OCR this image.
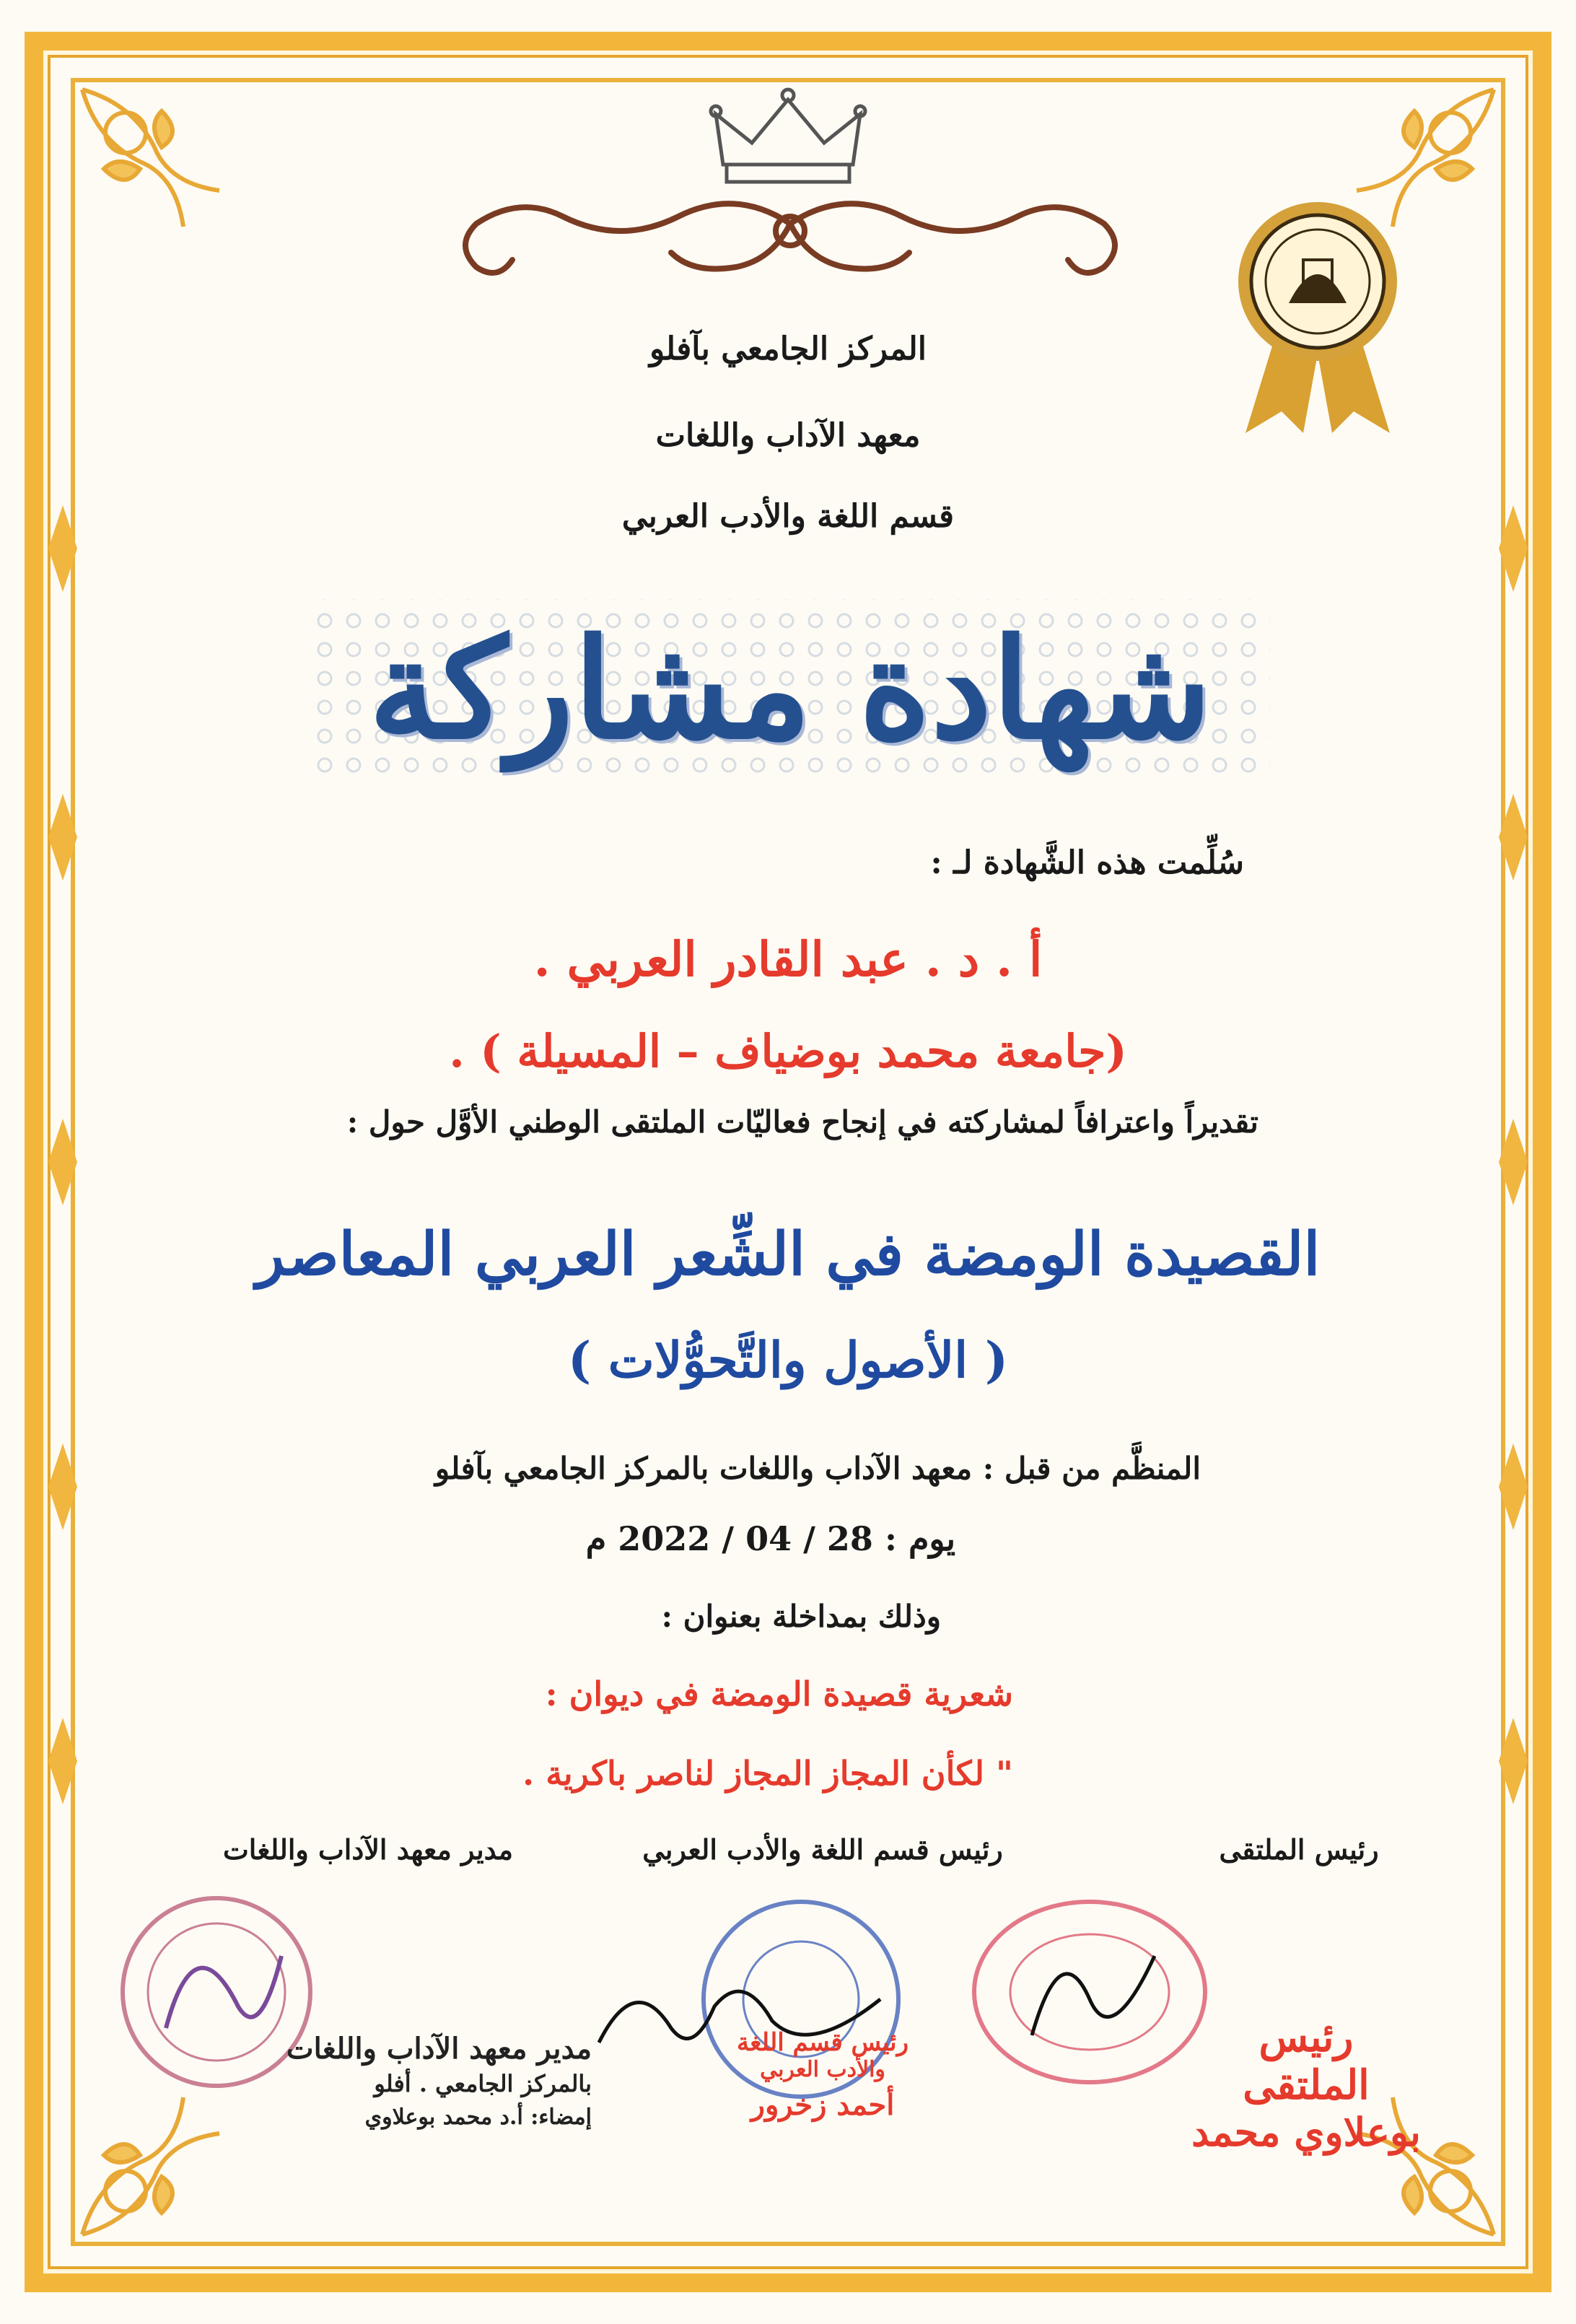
المركز الجامعي بآفلو
معهد الآداب واللغات
قسم اللغة والأدب العربي
شهادة مشاركة
سُلِّمت هذه الشَّهادة لـ :
أ . د . عبد القادر العربي .
(جامعة محمد بوضياف – المسيلة ) .
تقديراً واعترافاً لمشاركته في إنجاح فعاليّات الملتقى الوطني الأوَّل حول :
القصيدة الومضة في الشِّعر العربي المعاصر
( الأصول والتَّحوُّلات )
المنظَّم من قبل : معهد الآداب واللغات بالمركز الجامعي بآفلو
يوم : 28 / 04 / 2022 م
وذلك بمداخلة بعنوان :
شعرية قصيدة الومضة في ديوان :
" لكأن المجاز المجاز لناصر باكرية .
مدير معهد الآداب واللغات	رئيس قسم اللغة والأدب العربي	رئيس الملتقى
مدير معهد الآداب واللغات
بالمركز الجامعي . أفلو
إمضاء: أ.د محمد بوعلاوي
رئيس قسم اللغة
والأدب العربي
أحمد زخرور
رئيس الملتقى
بوعلاوي محمد
